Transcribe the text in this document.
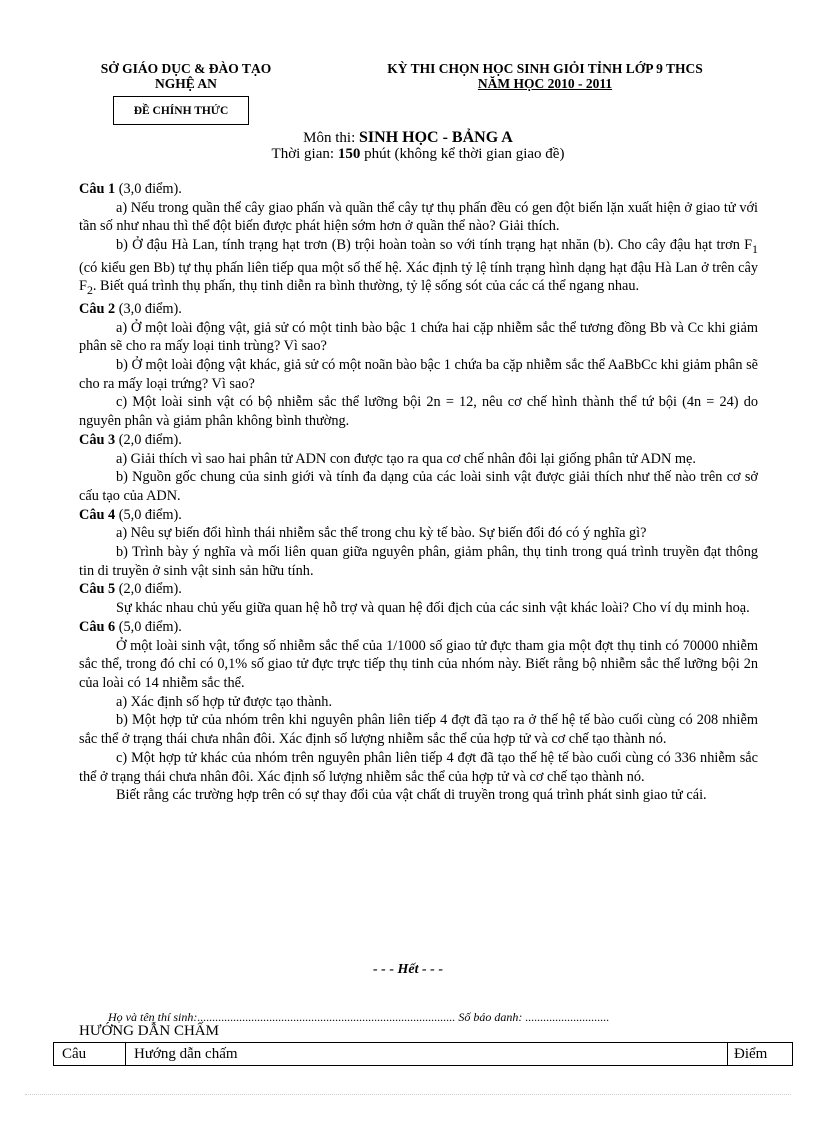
SỞ GIÁO DỤC & ĐÀO TẠO
NGHỆ AN
KỲ THI CHỌN HỌC SINH GIỎI TỈNH LỚP 9 THCS
NĂM HỌC 2010 - 2011
ĐỀ CHÍNH THỨC
Môn thi: SINH HỌC - BẢNG A
Thời gian: 150 phút (không kể thời gian giao đề)

Câu 1 (3,0 điểm).

a) Nếu trong quần thể cây giao phấn và quần thể cây tự thụ phấn đều có gen đột biến lặn xuất hiện ở giao tử với tần số như nhau thì thể đột biến được phát hiện sớm hơn ở quần thể nào? Giải thích.

b) Ở đậu Hà Lan, tính trạng hạt trơn (B) trội hoàn toàn so với tính trạng hạt nhăn (b). Cho cây đậu hạt trơn $F_1$ (có kiểu gen Bb) tự thụ phấn liên tiếp qua một số thế hệ. Xác định tỷ lệ tính trạng hình dạng hạt đậu Hà Lan ở trên cây $F_2$. Biết quá trình thụ phấn, thụ tinh diễn ra bình thường, tỷ lệ sống sót của các cá thể ngang nhau.

Câu 2 (3,0 điểm).

a) Ở một loài động vật, giả sử có một tinh bào bậc 1 chứa hai cặp nhiễm sắc thể tương đồng Bb và Cc khi giảm phân sẽ cho ra mấy loại tinh trùng? Vì sao?

b) Ở một loài động vật khác, giả sử có một noãn bào bậc 1 chứa ba cặp nhiễm sắc thể AaBbCc khi giảm phân sẽ cho ra mấy loại trứng? Vì sao?

c) Một loài sinh vật có bộ nhiễm sắc thể lưỡng bội 2n = 12, nêu cơ chế hình thành thể tứ bội (4n = 24) do nguyên phân và giảm phân không bình thường.

Câu 3 (2,0 điểm).

a) Giải thích vì sao hai phân tử ADN con được tạo ra qua cơ chế nhân đôi lại giống phân tử ADN mẹ.

b) Nguồn gốc chung của sinh giới và tính đa dạng của các loài sinh vật được giải thích như thế nào trên cơ sở cấu tạo của ADN.

Câu 4 (5,0 điểm).

a) Nêu sự biến đổi hình thái nhiễm sắc thể trong chu kỳ tế bào. Sự biến đổi đó có ý nghĩa gì?

b) Trình bày ý nghĩa và mối liên quan giữa nguyên phân, giảm phân, thụ tinh trong quá trình truyền đạt thông tin di truyền ở sinh vật sinh sản hữu tính.

Câu 5 (2,0 điểm).

Sự khác nhau chủ yếu giữa quan hệ hỗ trợ và quan hệ đối địch của các sinh vật khác loài? Cho ví dụ minh hoạ.

Câu 6 (5,0 điểm).

Ở một loài sinh vật, tổng số nhiễm sắc thể của 1/1000 số giao tử đực tham gia một đợt thụ tinh có 70000 nhiễm sắc thể, trong đó chỉ có 0,1% số giao tử đực trực tiếp thụ tinh của nhóm này. Biết rằng bộ nhiễm sắc thể lưỡng bội 2n của loài có 14 nhiễm sắc thể.

a) Xác định số hợp tử được tạo thành.

b) Một hợp tử của nhóm trên khi nguyên phân liên tiếp 4 đợt đã tạo ra ở thế hệ tế bào cuối cùng có 208 nhiễm sắc thể ở trạng thái chưa nhân đôi. Xác định số lượng nhiễm sắc thể của hợp tử và cơ chế tạo thành nó.

c) Một hợp tử khác của nhóm trên nguyên phân liên tiếp 4 đợt đã tạo thế hệ tế bào cuối cùng có 336 nhiễm sắc thể ở trạng thái chưa nhân đôi. Xác định số lượng nhiễm sắc thể của hợp tử và cơ chế tạo thành nó.

Biết rằng các trường hợp trên có sự thay đổi của vật chất di truyền trong quá trình phát sinh giao tử cái.

- - - Hết - - -
Họ và tên thí sinh:...................................................................................... Số báo danh: ............................
HƯỚNG DẪN CHẤM
Câu	Hướng dẫn chấm	Điểm
